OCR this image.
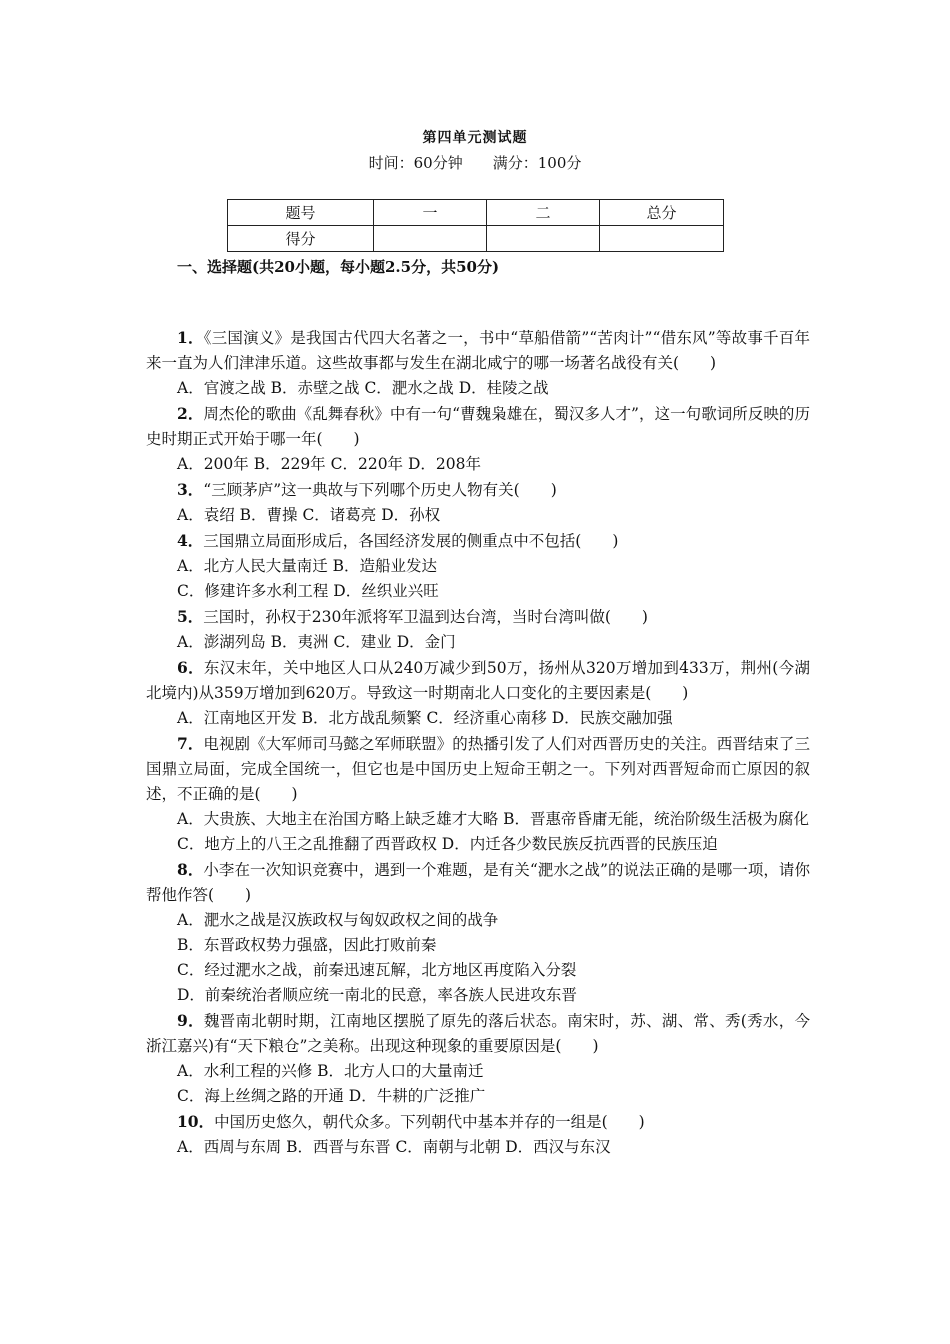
第四单元测试题
时间：60分钟　　满分：100分
题号	一	二	总分
得分			
一、选择题(共20小题，每小题2.5分，共50分)

1．《三国演义》是我国古代四大名著之一，书中“草船借箭”“苦肉计”“借东风”等故事千百年来一直为人们津津乐道。这些故事都与发生在湖北咸宁的哪一场著名战役有关(　　)

A．官渡之战 B．赤壁之战 C．淝水之战 D．桂陵之战

2．周杰伦的歌曲《乱舞春秋》中有一句“曹魏枭雄在，蜀汉多人才”，这一句歌词所反映的历史时期正式开始于哪一年(　　)

A．200年 B．229年 C．220年 D．208年

3．“三顾茅庐”这一典故与下列哪个历史人物有关(　　)

A．袁绍 B．曹操 C．诸葛亮 D．孙权

4．三国鼎立局面形成后，各国经济发展的侧重点中不包括(　　)

A．北方人民大量南迁 B．造船业发达

C．修建许多水利工程 D．丝织业兴旺

5．三国时，孙权于230年派将军卫温到达台湾，当时台湾叫做(　　)

A．澎湖列岛 B．夷洲 C．建业 D．金门

6．东汉末年，关中地区人口从240万减少到50万，扬州从320万增加到433万，荆州(今湖北境内)从359万增加到620万。导致这一时期南北人口变化的主要因素是(　　)

A．江南地区开发 B．北方战乱频繁 C．经济重心南移 D．民族交融加强

7．电视剧《大军师司马懿之军师联盟》的热播引发了人们对西晋历史的关注。西晋结束了三国鼎立局面，完成全国统一，但它也是中国历史上短命王朝之一。下列对西晋短命而亡原因的叙述，不正确的是(　　)

A．大贵族、大地主在治国方略上缺乏雄才大略 B．晋惠帝昏庸无能，统治阶级生活极为腐化

C．地方上的八王之乱推翻了西晋政权 D．内迁各少数民族反抗西晋的民族压迫

8．小李在一次知识竞赛中，遇到一个难题，是有关“淝水之战”的说法正确的是哪一项，请你帮他作答(　　)

A．淝水之战是汉族政权与匈奴政权之间的战争

B．东晋政权势力强盛，因此打败前秦

C．经过淝水之战，前秦迅速瓦解，北方地区再度陷入分裂

D．前秦统治者顺应统一南北的民意，率各族人民进攻东晋

9．魏晋南北朝时期，江南地区摆脱了原先的落后状态。南宋时，苏、湖、常、秀(秀水，今浙江嘉兴)有“天下粮仓”之美称。出现这种现象的重要原因是(　　)

A．水利工程的兴修 B．北方人口的大量南迁

C．海上丝绸之路的开通 D．牛耕的广泛推广

10．中国历史悠久，朝代众多。下列朝代中基本并存的一组是(　　)

A．西周与东周 B．西晋与东晋 C．南朝与北朝 D．西汉与东汉
